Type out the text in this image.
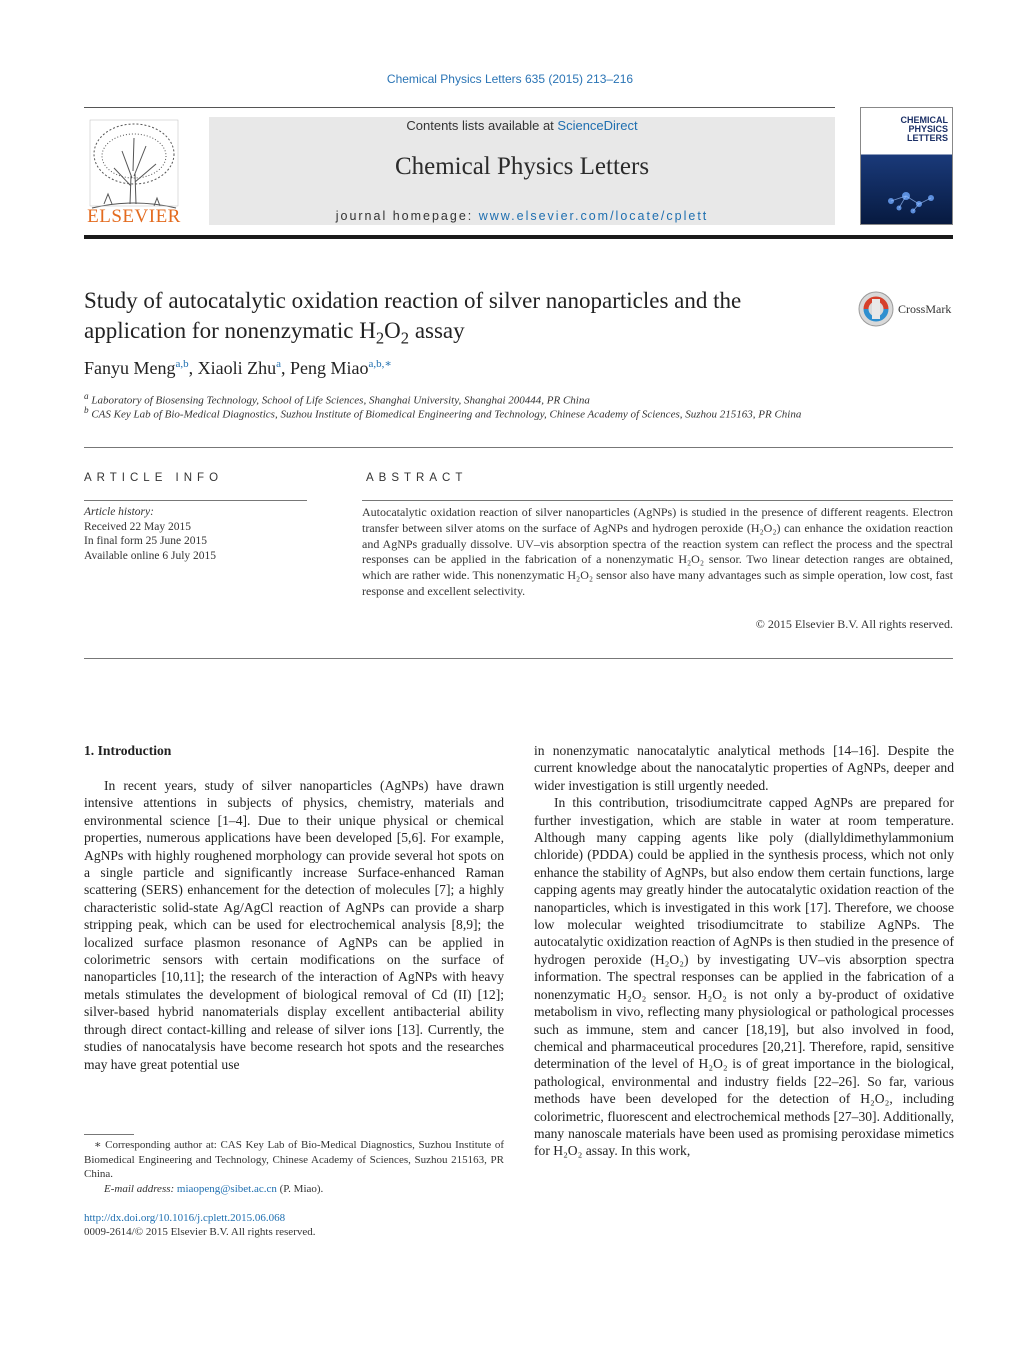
Chemical Physics Letters 635 (2015) 213–216
ELSEVIER
Contents lists available at ScienceDirect
Chemical Physics Letters
journal homepage: www.elsevier.com/locate/cplett
CHEMICAL
PHYSICS
LETTERS
Study of autocatalytic oxidation reaction of silver nanoparticles and the application for nonenzymatic $H_2O_2$ assay
CrossMark
Fanyu Meng$^{a,b}$, Xiaoli Zhu$^a$, Peng Miao$^{a,b,∗}$
$^a$ Laboratory of Biosensing Technology, School of Life Sciences, Shanghai University, Shanghai 200444, PR China
$^b$ CAS Key Lab of Bio-Medical Diagnostics, Suzhou Institute of Biomedical Engineering and Technology, Chinese Academy of Sciences, Suzhou 215163, PR China
ARTICLE INFO	ABSTRACT
Article history:
Received 22 May 2015
In final form 25 June 2015
Available online 6 July 2015
Autocatalytic oxidation reaction of silver nanoparticles (AgNPs) is studied in the presence of different reagents. Electron transfer between silver atoms on the surface of AgNPs and hydrogen peroxide (H₂O₂) can enhance the oxidation reaction and AgNPs gradually dissolve. UV–vis absorption spectra of the reaction system can reflect the process and the spectral responses can be applied in the fabrication of a nonenzymatic H₂O₂ sensor. Two linear detection ranges are obtained, which are rather wide. This nonenzymatic H₂O₂ sensor also have many advantages such as simple operation, low cost, fast response and excellent selectivity.
© 2015 Elsevier B.V. All rights reserved.
1. Introduction

In recent years, study of silver nanoparticles (AgNPs) have drawn intensive attentions in subjects of physics, chemistry, materials and environmental science [1–4]. Due to their unique physical or chemical properties, numerous applications have been developed [5,6]. For example, AgNPs with highly roughened morphology can provide several hot spots on a single particle and significantly increase Surface-enhanced Raman scattering (SERS) enhancement for the detection of molecules [7]; a highly characteristic solid-state Ag/AgCl reaction of AgNPs can provide a sharp stripping peak, which can be used for electrochemical analysis [8,9]; the localized surface plasmon resonance of AgNPs can be applied in colorimetric sensors with certain modifications on the surface of nanoparticles [10,11]; the research of the interaction of AgNPs with heavy metals stimulates the development of biological removal of Cd (II) [12]; silver-based hybrid nanomaterials display excellent antibacterial ability through direct contact-killing and release of silver ions [13]. Currently, the studies of nanocatalysis have become research hot spots and the researches may have great potential use

in nonenzymatic nanocatalytic analytical methods [14–16]. Despite the current knowledge about the nanocatalytic properties of AgNPs, deeper and wider investigation is still urgently needed.

In this contribution, trisodiumcitrate capped AgNPs are prepared for further investigation, which are stable in water at room temperature. Although many capping agents like poly (diallyldimethylammonium chloride) (PDDA) could be applied in the synthesis process, which not only enhance the stability of AgNPs, but also endow them certain functions, large capping agents may greatly hinder the autocatalytic oxidation reaction of the nanoparticles, which is investigated in this work [17]. Therefore, we choose low molecular weighted trisodiumcitrate to stabilize AgNPs. The autocatalytic oxidization reaction of AgNPs is then studied in the presence of hydrogen peroxide (H₂O₂) by investigating UV–vis absorption spectra information. The spectral responses can be applied in the fabrication of a nonenzymatic H₂O₂ sensor. H₂O₂ is not only a by-product of oxidative metabolism in vivo, reflecting many physiological or pathological processes such as immune, stem and cancer [18,19], but also involved in food, chemical and pharmaceutical procedures [20,21]. Therefore, rapid, sensitive determination of the level of H₂O₂ is of great importance in the biological, pathological, environmental and industry fields [22–26]. So far, various methods have been developed for the detection of H₂O₂, including colorimetric, fluorescent and electrochemical methods [27–30]. Additionally, many nanoscale materials have been used as promising peroxidase mimetics for H₂O₂ assay. In this work,

∗ Corresponding author at: CAS Key Lab of Bio-Medical Diagnostics, Suzhou Institute of Biomedical Engineering and Technology, Chinese Academy of Sciences, Suzhou 215163, PR China.
E-mail address: miaopeng@sibet.ac.cn (P. Miao).
http://dx.doi.org/10.1016/j.cplett.2015.06.068
0009-2614/© 2015 Elsevier B.V. All rights reserved.
